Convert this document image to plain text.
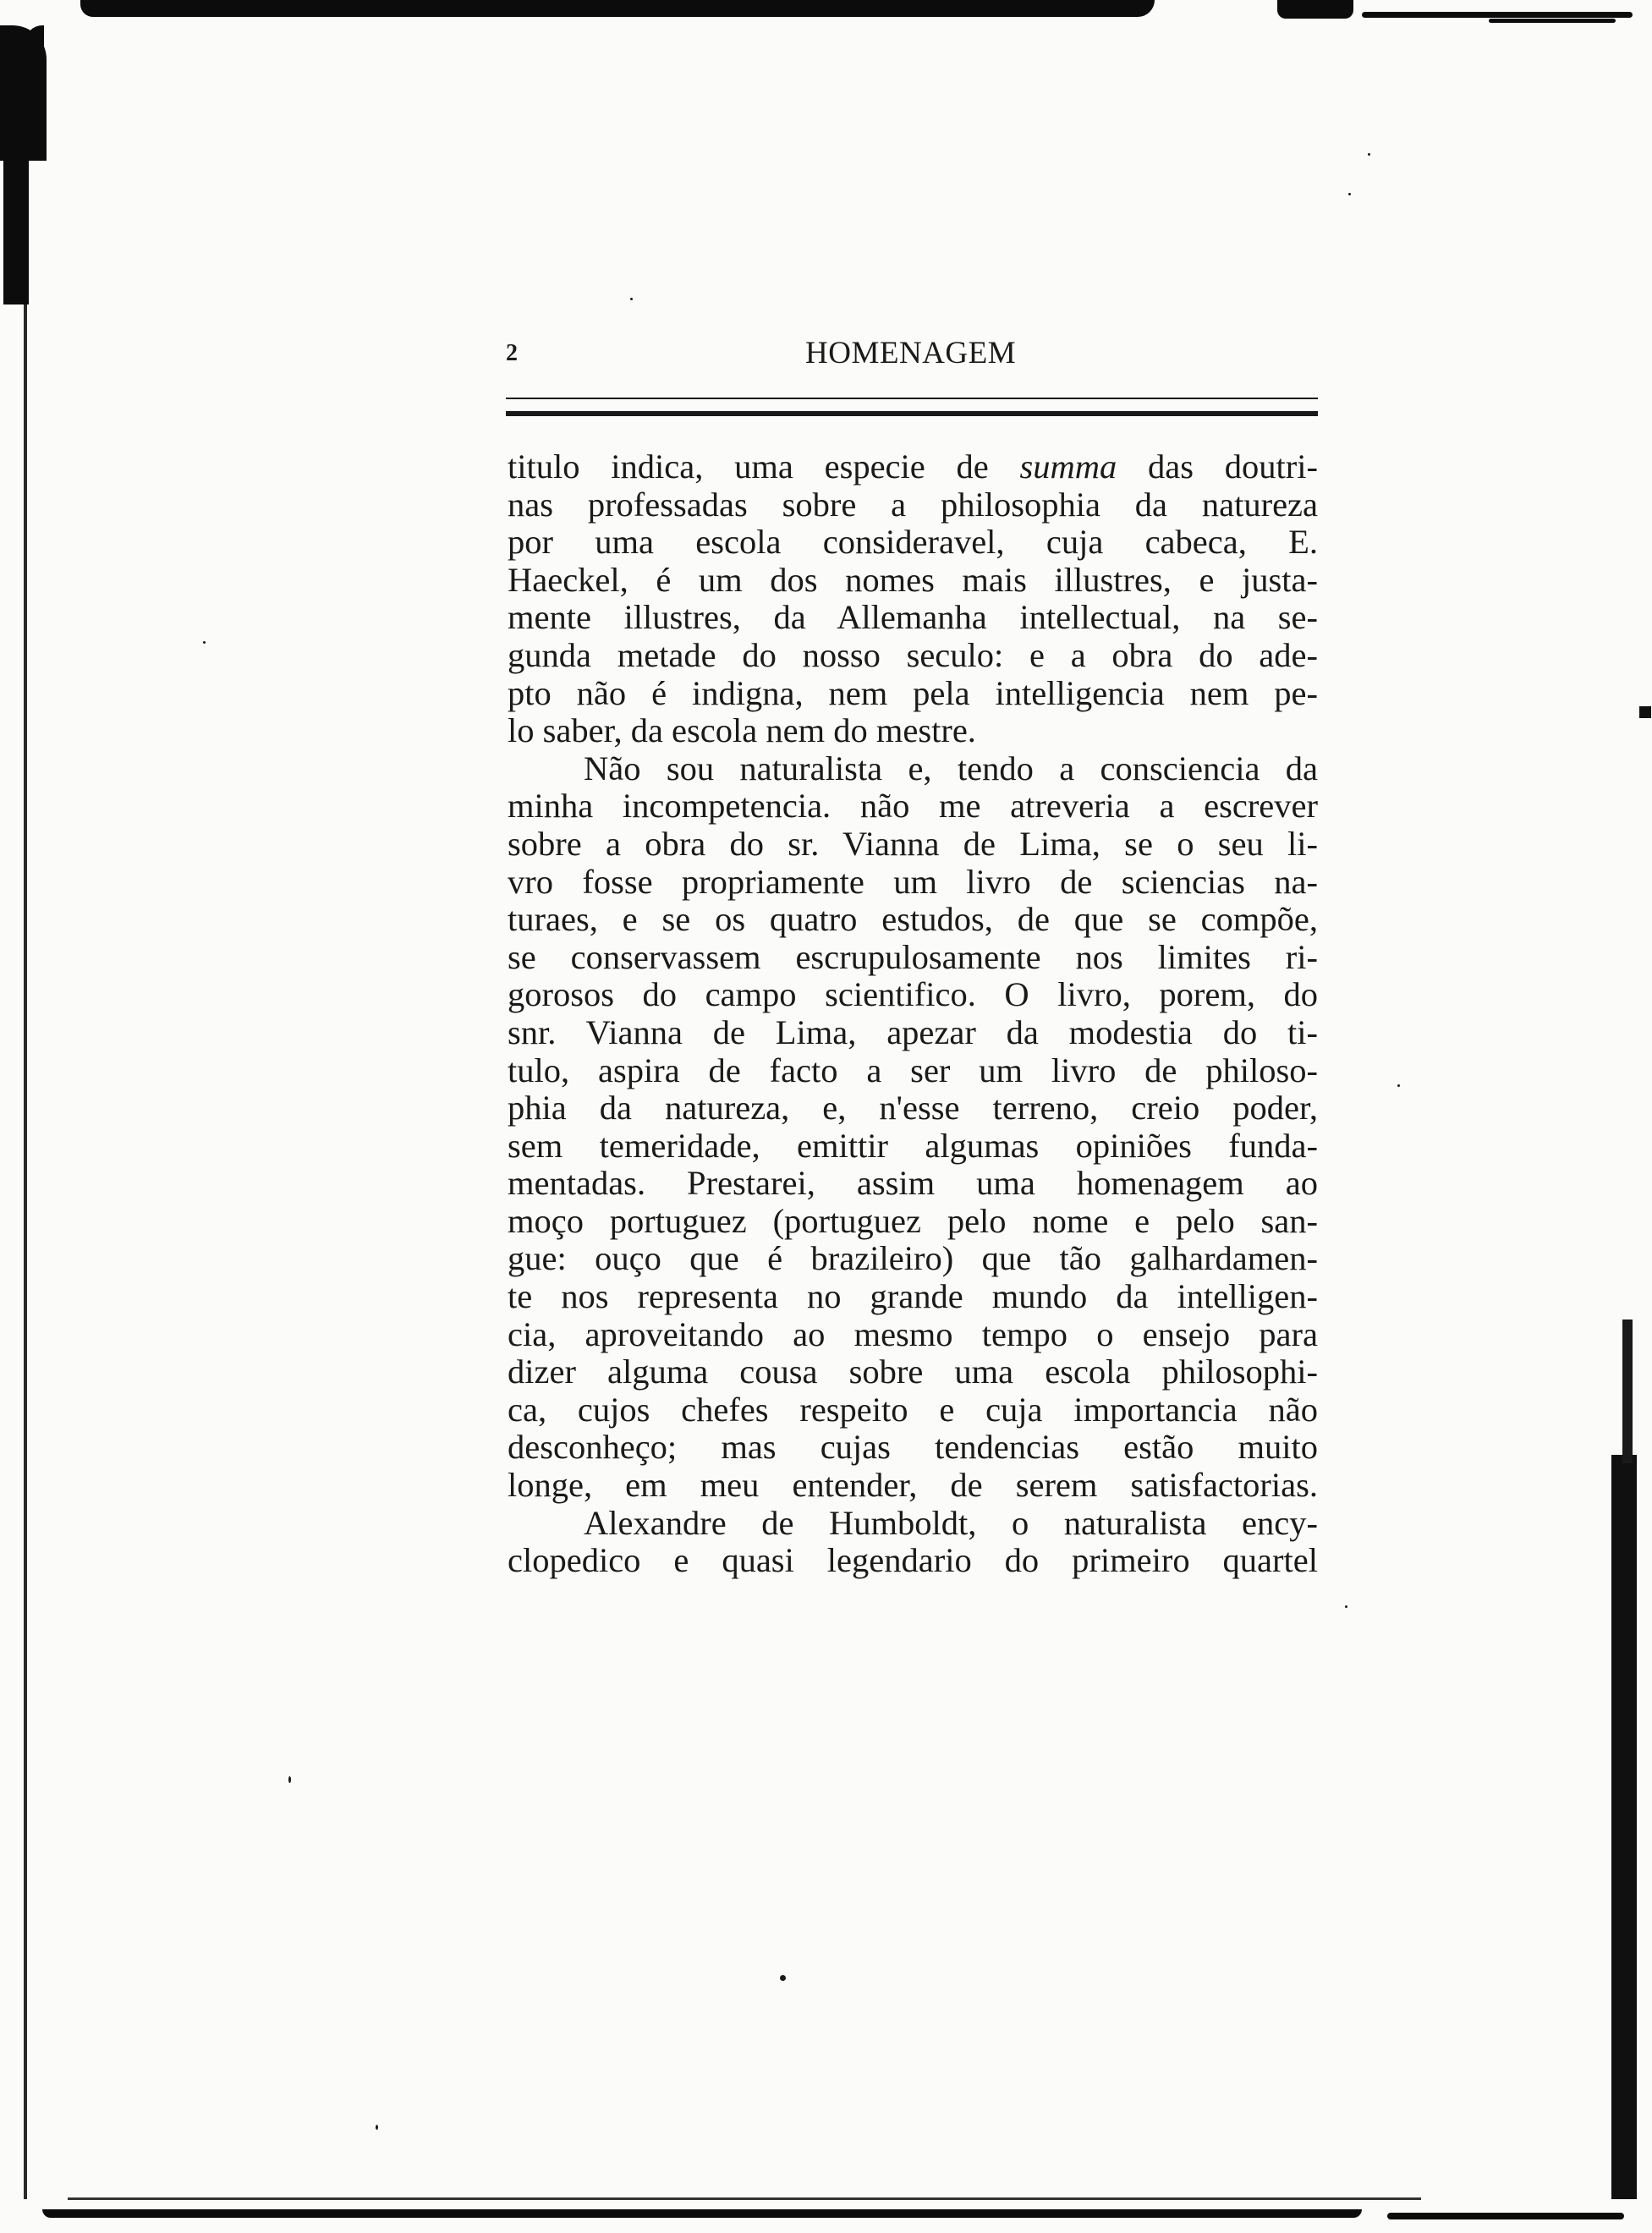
2	HOMENAGEM
titulo indica, uma especie de summa das doutri-
nas professadas sobre a philosophia da natureza
por uma escola consideravel, cuja cabeca, E.
Haeckel, é um dos nomes mais illustres, e justa-
mente illustres, da Allemanha intellectual, na se-
gunda metade do nosso seculo: e a obra do ade-
pto não é indigna, nem pela intelligencia nem pe-
lo saber, da escola nem do mestre.
Não sou naturalista e, tendo a consciencia da
minha incompetencia. não me atreveria a escrever
sobre a obra do sr. Vianna de Lima, se o seu li-
vro fosse propriamente um livro de sciencias na-
turaes, e se os quatro estudos, de que se compõe,
se conservassem escrupulosamente nos limites ri-
gorosos do campo scientifico. O livro, porem, do
snr. Vianna de Lima, apezar da modestia do ti-
tulo, aspira de facto a ser um livro de philoso-
phia da natureza, e, n'esse terreno, creio poder,
sem temeridade, emittir algumas opiniões funda-
mentadas. Prestarei, assim uma homenagem ao
moço portuguez (portuguez pelo nome e pelo san-
gue: ouço que é brazileiro) que tão galhardamen-
te nos representa no grande mundo da intelligen-
cia, aproveitando ao mesmo tempo o ensejo para
dizer alguma cousa sobre uma escola philosophi-
ca, cujos chefes respeito e cuja importancia não
desconheço; mas cujas tendencias estão muito
longe, em meu entender, de serem satisfactorias.
Alexandre de Humboldt, o naturalista ency-
clopedico e quasi legendario do primeiro quartel
